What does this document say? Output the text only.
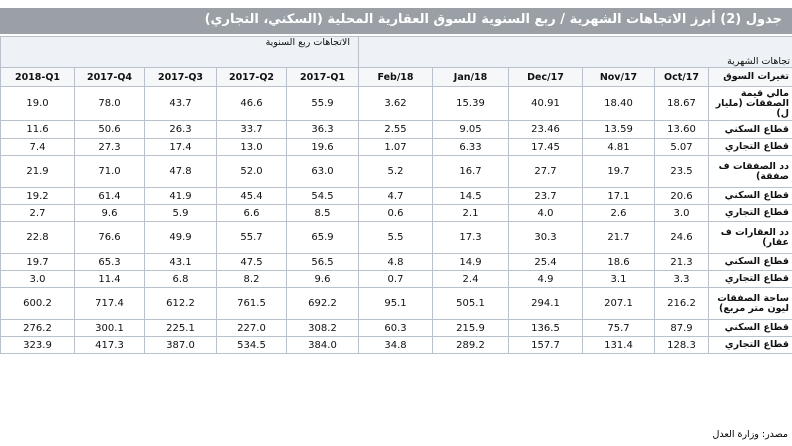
جدول (2) أبرز الاتجاهات الشهرية / ربع السنوية للسوق العقارية المحلية (السكني، التجاري)
الاتجاهات ربع السنوية					تجاهات الشهرية					
2018-Q1	2017-Q4	2017-Q3	2017-Q2	2017-Q1	Feb/18	Jan/18	Dec/17	Nov/17	Oct/17	تغيرات السوق
19.0	78.0	43.7	46.6	55.9	3.62	15.39	40.91	18.40	18.67	مالي قيمة الصفقات (مليار ل)
11.6	50.6	26.3	33.7	36.3	2.55	9.05	23.46	13.59	13.60	قطاع السكني
7.4	27.3	17.4	13.0	19.6	1.07	6.33	17.45	4.81	5.07	قطاع التجاري
21.9	71.0	47.8	52.0	63.0	5.2	16.7	27.7	19.7	23.5	دد الصفقات ف صفقة)
19.2	61.4	41.9	45.4	54.5	4.7	14.5	23.7	17.1	20.6	قطاع السكني
2.7	9.6	5.9	6.6	8.5	0.6	2.1	4.0	2.6	3.0	قطاع التجاري
22.8	76.6	49.9	55.7	65.9	5.5	17.3	30.3	21.7	24.6	دد العقارات ف عقار)
19.7	65.3	43.1	47.5	56.5	4.8	14.9	25.4	18.6	21.3	قطاع السكني
3.0	11.4	6.8	8.2	9.6	0.7	2.4	4.9	3.1	3.3	قطاع التجاري
600.2	717.4	612.2	761.5	692.2	95.1	505.1	294.1	207.1	216.2	ساحة الصفقات ليون متر مربع)
276.2	300.1	225.1	227.0	308.2	60.3	215.9	136.5	75.7	87.9	قطاع السكني
323.9	417.3	387.0	534.5	384.0	34.8	289.2	157.7	131.4	128.3	قطاع التجاري
مصدر: وزارة العدل
